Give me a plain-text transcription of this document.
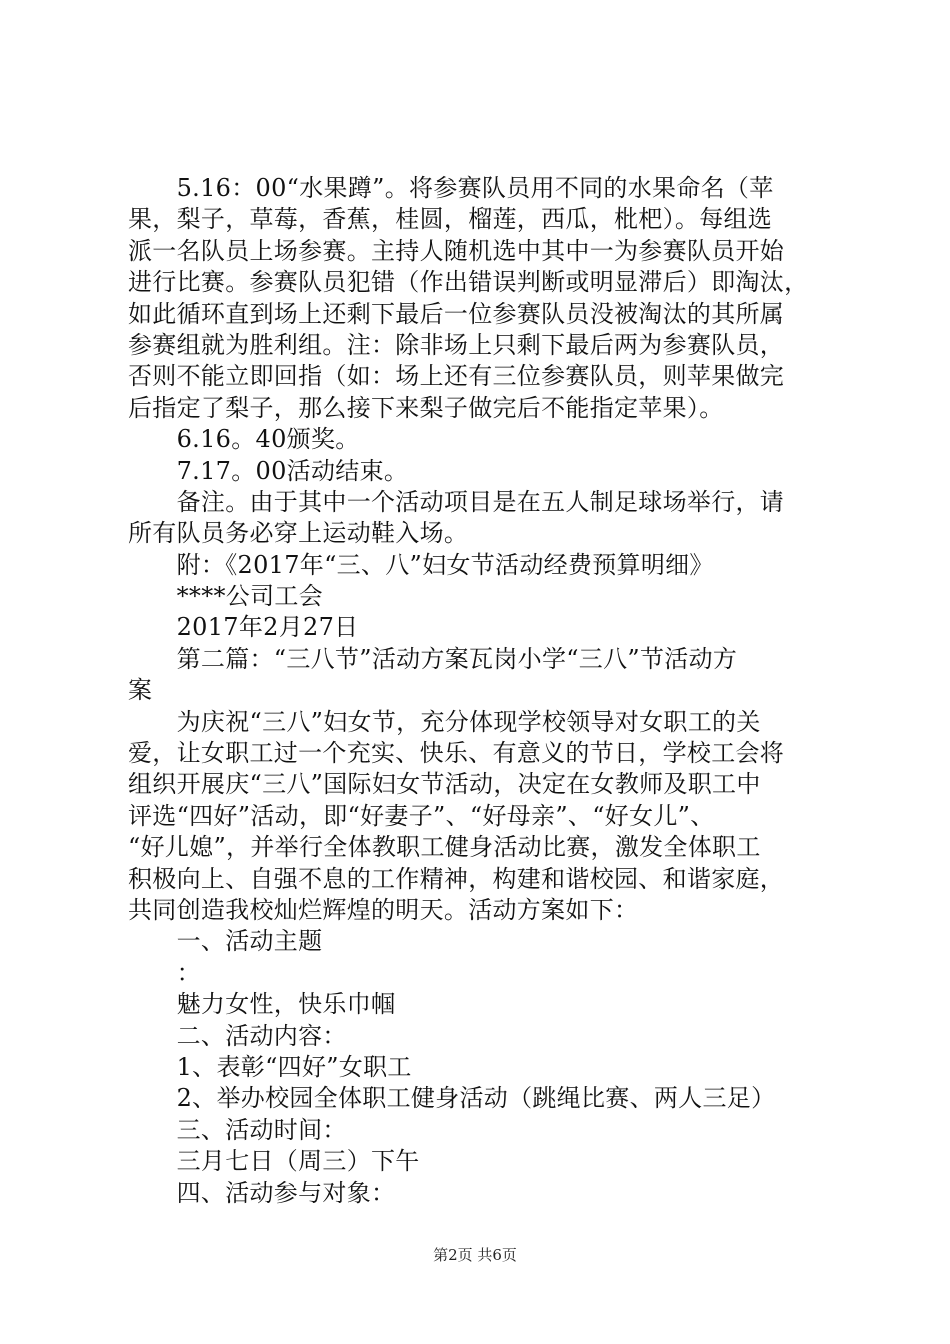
　　5.16：00“水果蹲”。将参赛队员用不同的水果命名（苹
果，梨子，草莓，香蕉，桂圆，榴莲，西瓜，枇杷）。每组选
派一名队员上场参赛。主持人随机选中其中一为参赛队员开始
进行比赛。参赛队员犯错（作出错误判断或明显滞后）即淘汰，
如此循环直到场上还剩下最后一位参赛队员没被淘汰的其所属
参赛组就为胜利组。注：除非场上只剩下最后两为参赛队员，
否则不能立即回指（如：场上还有三位参赛队员，则苹果做完
后指定了梨子，那么接下来梨子做完后不能指定苹果）。
　　6.16。40颁奖。
　　7.17。00活动结束。
　　备注。由于其中一个活动项目是在五人制足球场举行，请
所有队员务必穿上运动鞋入场。
　　附：《2017年“三、八”妇女节活动经费预算明细》
　　****公司工会
　　2017年2月27日
　　第二篇：“三八节”活动方案瓦岗小学“三八”节活动方
案
　　为庆祝“三八”妇女节，充分体现学校领导对女职工的关
爱，让女职工过一个充实、快乐、有意义的节日，学校工会将
组织开展庆“三八”国际妇女节活动，决定在女教师及职工中
评选“四好”活动，即“好妻子”、“好母亲”、“好女儿”、
“好儿媳”，并举行全体教职工健身活动比赛，激发全体职工
积极向上、自强不息的工作精神，构建和谐校园、和谐家庭，
共同创造我校灿烂辉煌的明天。活动方案如下：
　　一、活动主题
　　：
　　魅力女性，快乐巾帼
　　二、活动内容：
　　1、表彰“四好”女职工
　　2、举办校园全体职工健身活动（跳绳比赛、两人三足）
　　三、活动时间：
　　三月七日（周三）下午
　　四、活动参与对象：
第2页 共6页
